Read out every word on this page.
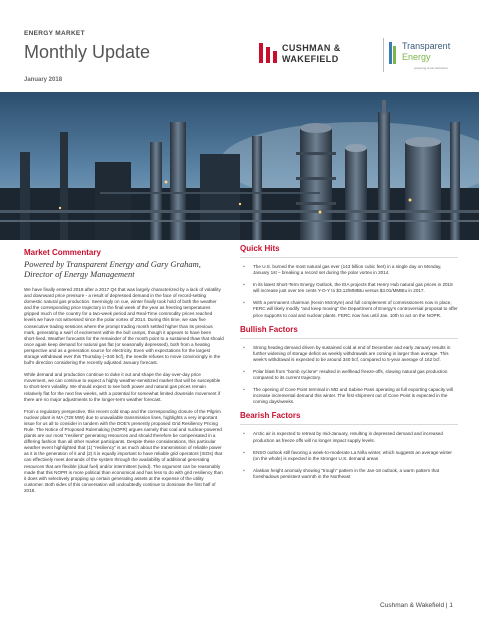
ENERGY MARKET
Monthly Update
January 2018
CUSHMAN &
WAKEFIELD
Transparent
Energy
powering smart decisions
Market Commentary
Powered by Transparent Energy and Gary Graham, Director of Energy Management

We have finally entered 2018 after a 2017 Q4 that was largely characterized by a lack of volatility and downward price pressure - a result of depressed demand in the face of record-setting domestic natural gas production. Seemingly on cue, winter finally took hold of both the weather and the corresponding price trajectory in the final week of the year as freezing temperatures gripped much of the country for a two-week period and Real-Time commodity prices reached levels we have not witnessed since the polar vortex of 2014. During this time, we saw five consecutive trading sessions where the prompt trading month settled higher than its previous mark, generating a swirl of excitement within the bull camps, though it appears to have been short-lived. Weather forecasts for the remainder of the month point to a sustained thaw that should once again keep demand for natural gas flat (or seasonally depressed), both from a heating perspective and as a generation source for electricity. Even with expectations for the largest storage withdrawal ever this Thursday (~340 bcf), the needle refuses to move convincingly in the bull's direction considering the recently adjusted January forecast.

While demand and production continue to duke it out and shape the day-over-day price movement, we can continue to expect a highly weather-sensitized market that will be susceptible to short-term volatility. We should expect to see both power and natural gas prices remain relatively flat for the next few weeks, with a potential for somewhat limited downside movement if there are no major adjustments to the longer-term weather forecast.

From a regulatory perspective, this recent cold snap and the corresponding closure of the Pilgrim nuclear plant in MA (728 MW) due to unavailable transmission lines, highlights a very important issue for us all to consider in tandem with the DOE's presently proposed Grid Resiliency Pricing Rule. The Notice of Proposed Rulemaking (NOPR) argues namely that coal and nuclear-powered plants are our most "resilient" generating resources and should therefore be compensated in a differing fashion than all other market participants. Despite these considerations, this particular weather event highlighted that (1) "resiliency" is as much about the transmission of reliable power as it is the generation of it and (2) it is equally important to have reliable grid operators (ISOs) that can effectively meet demands of the system through the availability of additional generating resources that are flexible (dual fuel) and/or intermittent (wind). The argument can be reasonably made that this NOPR is more political than economical and has less to do with grid resiliency than it does with selectively propping up certain generating assets at the expense of the utility customer. Both sides of this conversation will undoubtedly continue to dominate the first half of 2018.

Quick Hits
▪ The U.S. burned the most natural gas ever (143 billion cubic feet) in a single day on Monday, January 1st – breaking a record set during the polar vortex in 2014.
▪ In its latest Short-Term Energy Outlook, the EIA projects that Henry Hub natural gas prices in 2018 will increase just over ten cents Y-O-Y to $3.12/MMBtu versus $3.01/MMBtu in 2017.
▪ With a permanent chairman (Kevin McIntyre) and full complement of commissioners now in place, FERC will likely modify "and keep moving" the Department of Energy's controversial proposal to offer price supports to coal and nuclear plants. FERC now has until Jan. 10th to act on the NOPR.
Bullish Factors
▪ Strong heating demand driven by sustained cold at end of December and early January results in further widening of storage deficit as weekly withdrawals are coming in larger than average. This week's withdrawal is expected to be around 340 bcf, compared to 5-year average of 162 bcf.
▪ Polar blast from "bomb cyclone" resulted in wellhead freeze-offs, slowing natural gas production compared to its current trajectory.
▪ The opening of Cove Point terminal in MD and Sabine Pass operating at full exporting capacity will increase incremental demand this winter. The first shipment out of Cove Point is expected in the coming days/weeks.
Bearish Factors
▪ Arctic air is expected to retreat by mid-January, resulting in depressed demand and increased production as freeze offs will no longer impact supply levels.
▪ ENSO outlook still favoring a week-to-moderate La Niña winter, which suggests an average winter (on the whole) is expected in the stronger U.S. demand areas
▪ Alaskan height anomaly showing "trough" pattern in the Jan-18 outlook, a warm pattern that foreshadows persistent warmth in the Northeast
Cushman & Wakefield | 1
